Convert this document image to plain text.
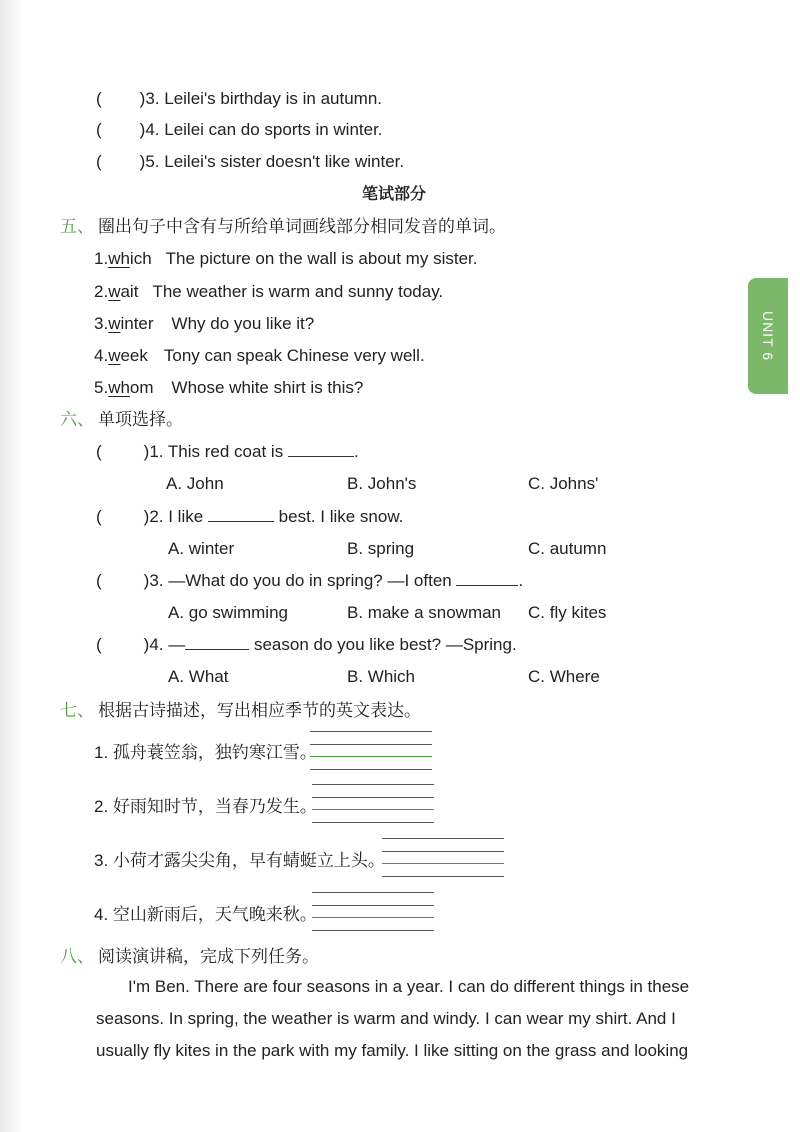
UNIT 6
( )3. Leilei's birthday is in autumn.
( )4. Leilei can do sports in winter.
( )5. Leilei's sister doesn't like winter.
笔试部分
五、 圈出句子中含有与所给单词画线部分相同发音的单词。
1.which The picture on the wall is about my sister.
2.wait The weather is warm and sunny today.
3.winter Why do you like it?
4.week Tony can speak Chinese very well.
5.whom Whose white shirt is this?
六、 单项选择。
( )1. This red coat is	.
A. John	B. John's	C. Johns'
( )2. I like	best. I like snow.
A. winter	B. spring	C. autumn
( )3. —What do you do in spring? —I often	.
A. go swimming	B. make a snowman C. fly kites
( )4. —	season do you like best? —Spring.
A. What	B. Which	C. Where
七、 根据古诗描述，写出相应季节的英文表达。
1. 孤舟蓑笠翁，独钓寒江雪。
2. 好雨知时节，当春乃发生。
3. 小荷才露尖尖角，早有蜻蜓立上头。
4. 空山新雨后，天气晚来秋。
八、 阅读演讲稿，完成下列任务。
I'm Ben. There are four seasons in a year. I can do different things in these
seasons. In spring, the weather is warm and windy. I can wear my shirt. And I
usually fly kites in the park with my family. I like sitting on the grass and looking
